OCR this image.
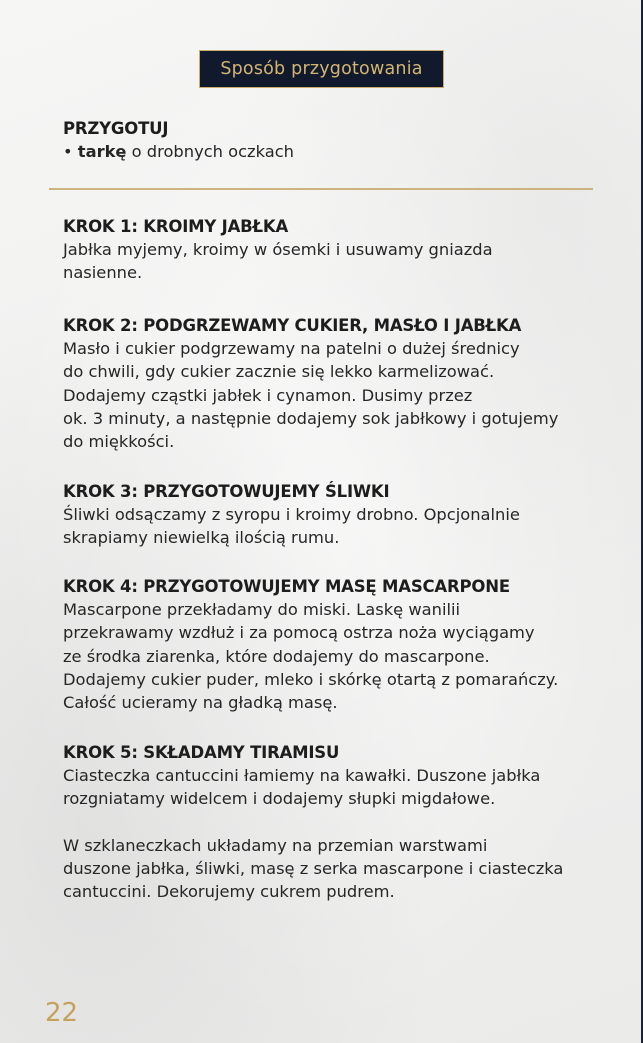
Sposób przygotowania
PRZYGOTUJ
• tarkę o drobnych oczkach
KROK 1: KROIMY JABŁKA
Jabłka myjemy, kroimy w ósemki i usuwamy gniazda
nasienne.
KROK 2: PODGRZEWAMY CUKIER, MASŁO I JABŁKA
Masło i cukier podgrzewamy na patelni o dużej średnicy
do chwili, gdy cukier zacznie się lekko karmelizować.
Dodajemy cząstki jabłek i cynamon. Dusimy przez
ok. 3 minuty, a następnie dodajemy sok jabłkowy i gotujemy
do miękkości.
KROK 3: PRZYGOTOWUJEMY ŚLIWKI
Śliwki odsączamy z syropu i kroimy drobno. Opcjonalnie
skrapiamy niewielką ilością rumu.
KROK 4: PRZYGOTOWUJEMY MASĘ MASCARPONE
Mascarpone przekładamy do miski. Laskę wanilii
przekrawamy wzdłuż i za pomocą ostrza noża wyciągamy
ze środka ziarenka, które dodajemy do mascarpone.
Dodajemy cukier puder, mleko i skórkę otartą z pomarańczy.
Całość ucieramy na gładką masę.
KROK 5: SKŁADAMY TIRAMISU
Ciasteczka cantuccini łamiemy na kawałki. Duszone jabłka
rozgniatamy widelcem i dodajemy słupki migdałowe.
W szklaneczkach układamy na przemian warstwami
duszone jabłka, śliwki, masę z serka mascarpone i ciasteczka
cantuccini. Dekorujemy cukrem pudrem.
22
